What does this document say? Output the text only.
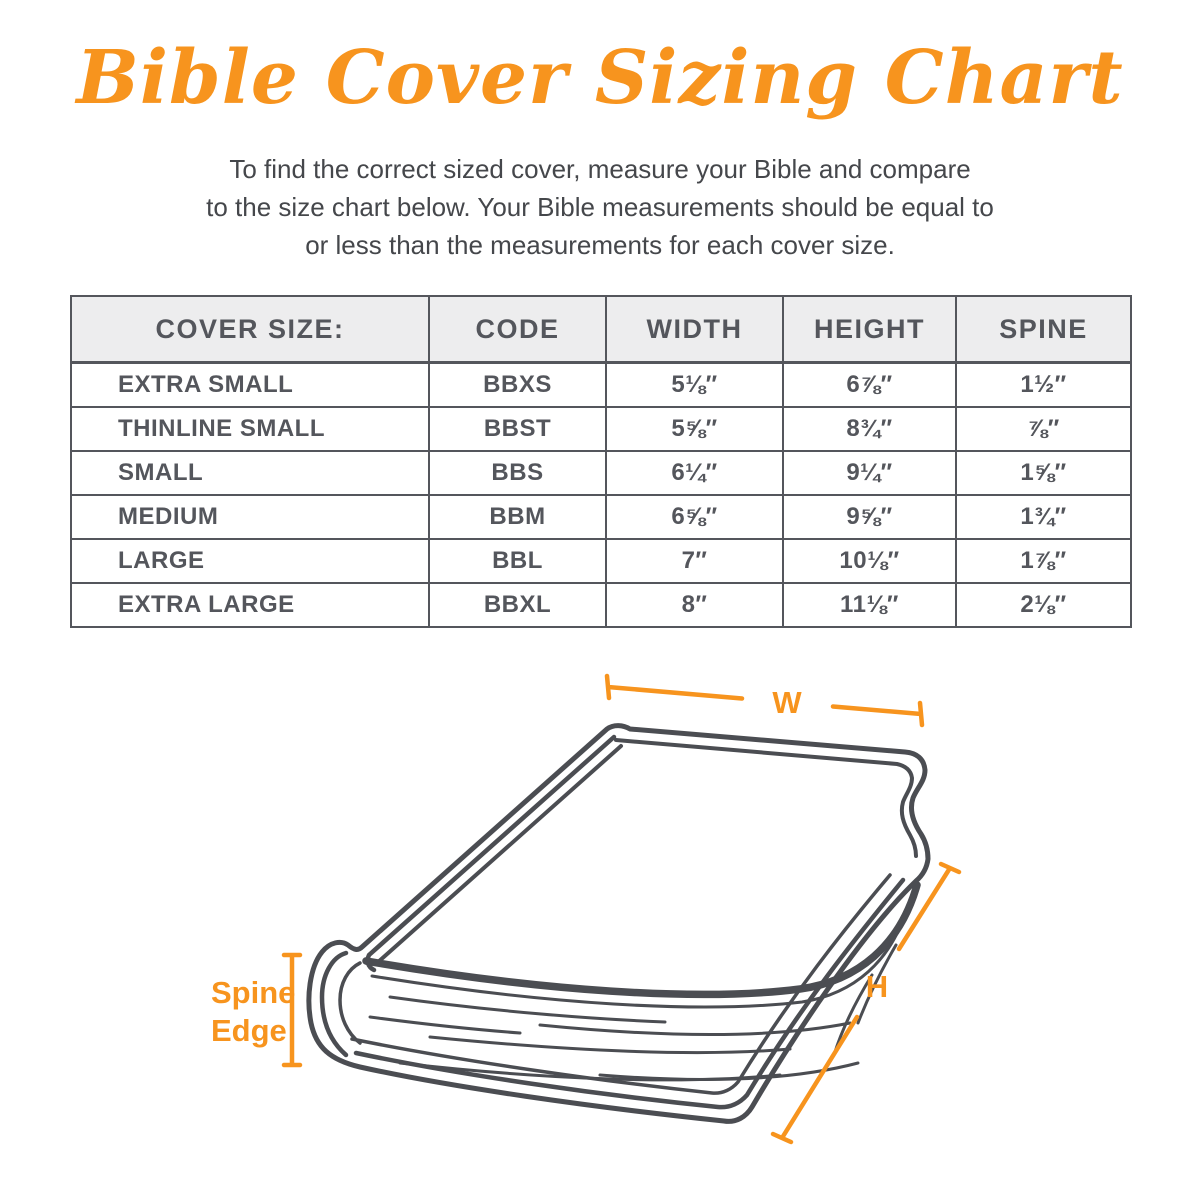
Bible Cover Sizing Chart

To find the correct sized cover, measure your Bible and compare
to the size chart below. Your Bible measurements should be equal to
or less than the measurements for each cover size.

COVER SIZE:	CODE	WIDTH	HEIGHT	SPINE
EXTRA SMALL	BBXS	5⅛″	6⅞″	1½″
THINLINE SMALL	BBST	5⅝″	8¾″	⅞″
SMALL	BBS	6¼″	9¼″	1⅝″
MEDIUM	BBM	6⅝″	9⅝″	1¾″
LARGE	BBL	7″	10⅛″	1⅞″
EXTRA LARGE	BBXL	8″	11⅛″	2⅛″
W
H
Spine
Edge
